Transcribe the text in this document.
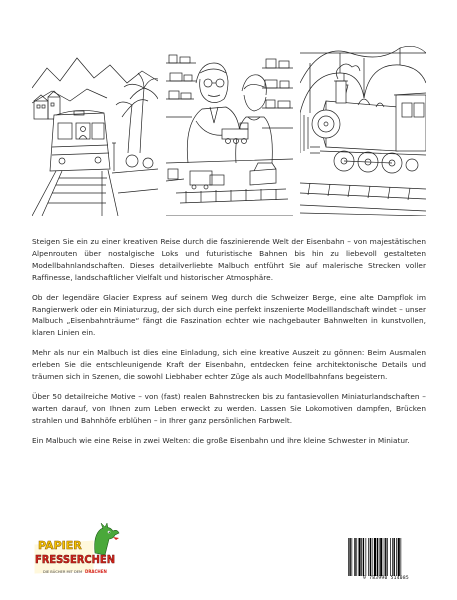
Steigen Sie ein zu einer kreativen Reise durch die faszinierende Welt der Eisenbahn – von majestätischen Alpenrouten über nostalgische Loks und futuristische Bahnen bis hin zu liebevoll gestalteten Modellbahnlandschaften. Dieses detailverliebte Malbuch entführt Sie auf malerische Strecken voller Raffinesse, landschaftlicher Vielfalt und historischer Atmosphäre.

Ob der legendäre Glacier Express auf seinem Weg durch die Schweizer Berge, eine alte Dampflok im Rangierwerk oder ein Miniaturzug, der sich durch eine perfekt inszenierte Modelllandschaft windet – unser Malbuch „Eisenbahnträume“ fängt die Faszination echter wie nachgebauter Bahnwelten in kunstvollen, klaren Linien ein.

Mehr als nur ein Malbuch ist dies eine Einladung, sich eine kreative Auszeit zu gönnen: Beim Ausmalen erleben Sie die entschleunigende Kraft der Eisenbahn, entdecken feine architektonische Details und träumen sich in Szenen, die sowohl Liebhaber echter Züge als auch Modellbahnfans begeistern.

Über 50 detailreiche Motive – von (fast) realen Bahnstrecken bis zu fantasievollen Miniaturlandschaften – warten darauf, von Ihnen zum Leben erweckt zu werden. Lassen Sie Lokomotiven dampfen, Brücken strahlen und Bahnhöfe erblühen – in Ihrer ganz persönlichen Farbwelt.

Ein Malbuch wie eine Reise in zwei Welten: die große Eisenbahn und ihre kleine Schwester in Miniatur.

PAPIER
FRESSERCHEN
DIE BÜCHER MIT DEM DRACHEN
9 783990 514085
